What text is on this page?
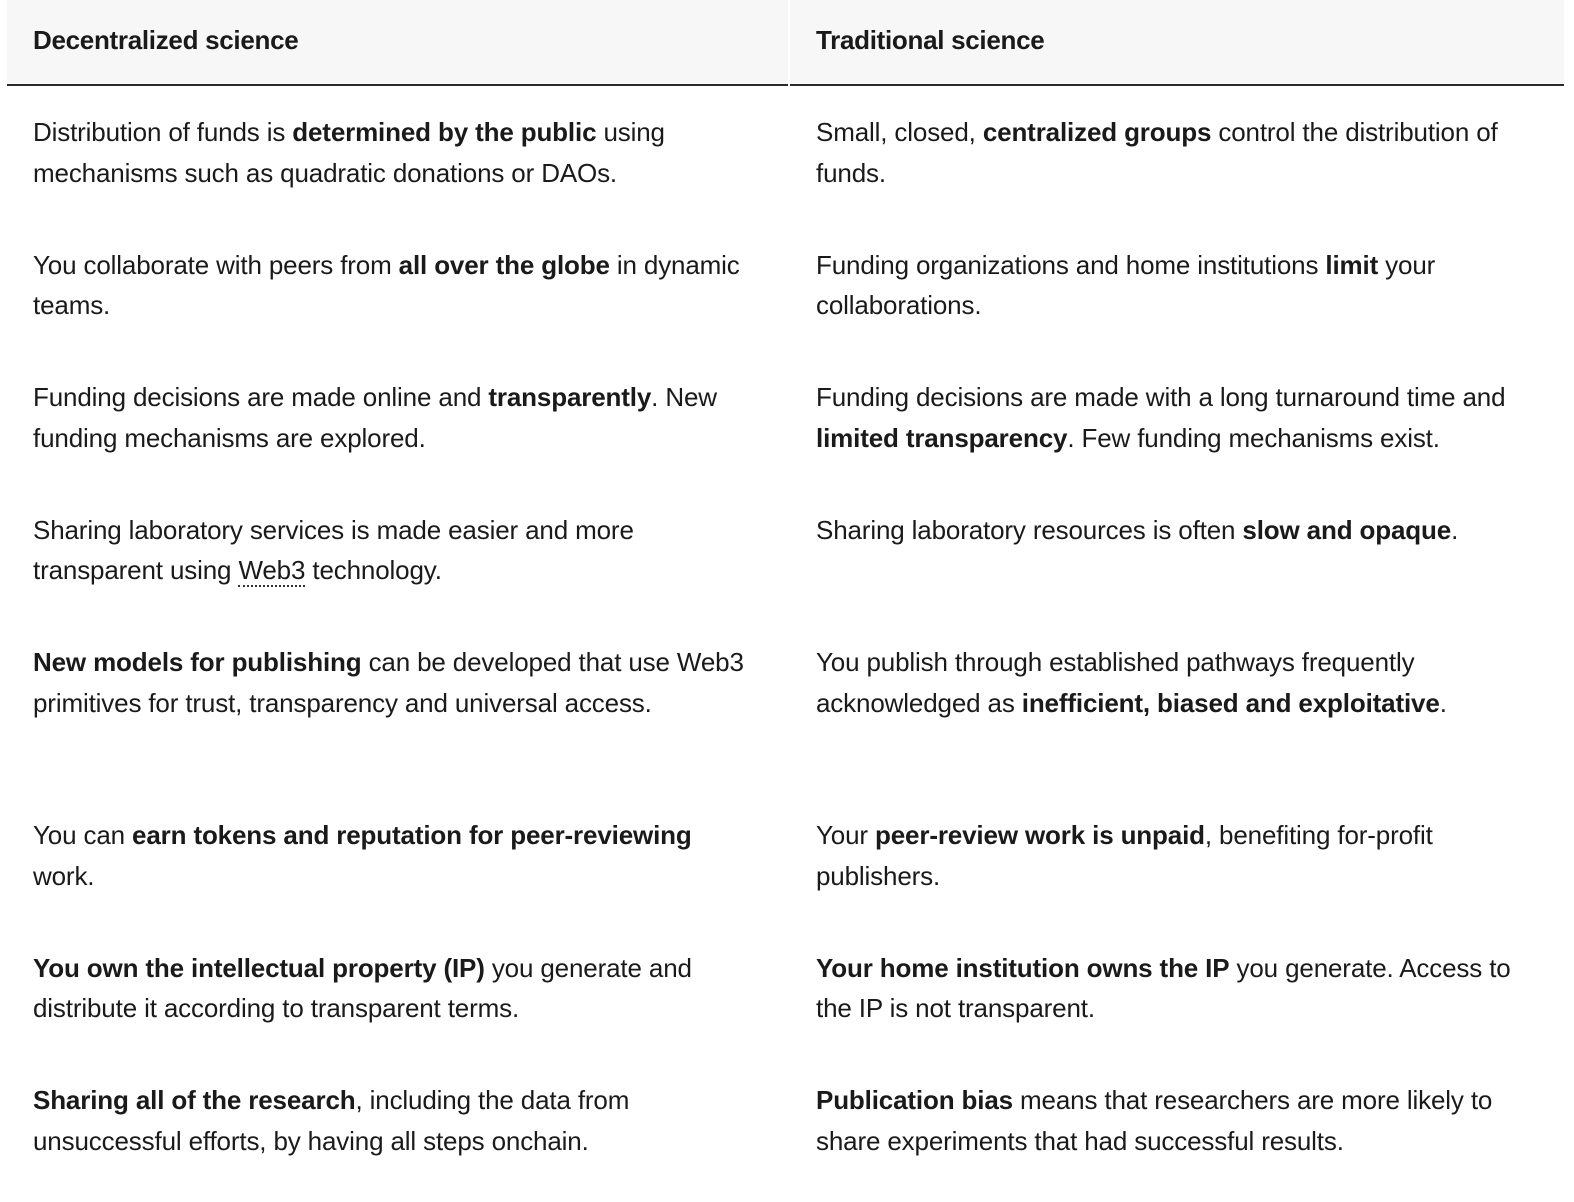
Decentralized science	Traditional science
Distribution of funds is determined by the public using mechanisms such as quadratic donations or DAOs.
Small, closed, centralized groups control the distribution of funds.
You collaborate with peers from all over the globe in dynamic teams.
Funding organizations and home institutions limit your collaborations.
Funding decisions are made online and transparently. New funding mechanisms are explored.
Funding decisions are made with a long turnaround time and limited transparency. Few funding mechanisms exist.
Sharing laboratory services is made easier and more transparent using Web3 technology.
Sharing laboratory resources is often slow and opaque.
New models for publishing can be developed that use Web3 primitives for trust, transparency and universal access.
You publish through established pathways frequently acknowledged as inefficient, biased and exploitative.
You can earn tokens and reputation for peer-reviewing work.
Your peer-review work is unpaid, benefiting for-profit publishers.
You own the intellectual property (IP) you generate and distribute it according to transparent terms.
Your home institution owns the IP you generate. Access to the IP is not transparent.
Sharing all of the research, including the data from unsuccessful efforts, by having all steps onchain.
Publication bias means that researchers are more likely to share experiments that had successful results.
